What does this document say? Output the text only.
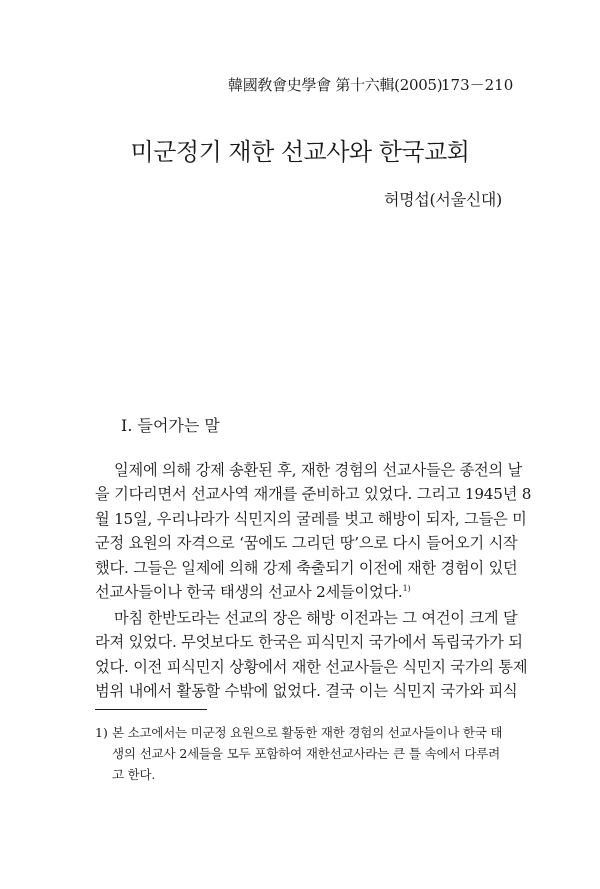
韓國敎會史學會 第十六輯(2005)
173－210
미군정기 재한 선교사와 한국교회
허명섭(서울신대)
I. 들어가는 말
일제에 의해 강제 송환된 후, 재한 경험의 선교사들은 종전의 날
을 기다리면서 선교사역 재개를 준비하고 있었다. 그리고 1945년 8
월 15일, 우리나라가 식민지의 굴레를 벗고 해방이 되자, 그들은 미
군정 요원의 자격으로 ‘꿈에도 그리던 땅’으로 다시 들어오기 시작
했다. 그들은 일제에 의해 강제 축출되기 이전에 재한 경험이 있던
선교사들이나 한국 태생의 선교사 2세들이었다.$^{1)}$
마침 한반도라는 선교의 장은 해방 이전과는 그 여건이 크게 달
라져 있었다. 무엇보다도 한국은 피식민지 국가에서 독립국가가 되
었다. 이전 피식민지 상황에서 재한 선교사들은 식민지 국가의 통제
범위 내에서 활동할 수밖에 없었다. 결국 이는 식민지 국가와 피식
1) 본 소고에서는 미군정 요원으로 활동한 재한 경험의 선교사들이나 한국 태
생의 선교사 2세들을 모두 포함하여 재한선교사라는 큰 틀 속에서 다루려
고 한다.
